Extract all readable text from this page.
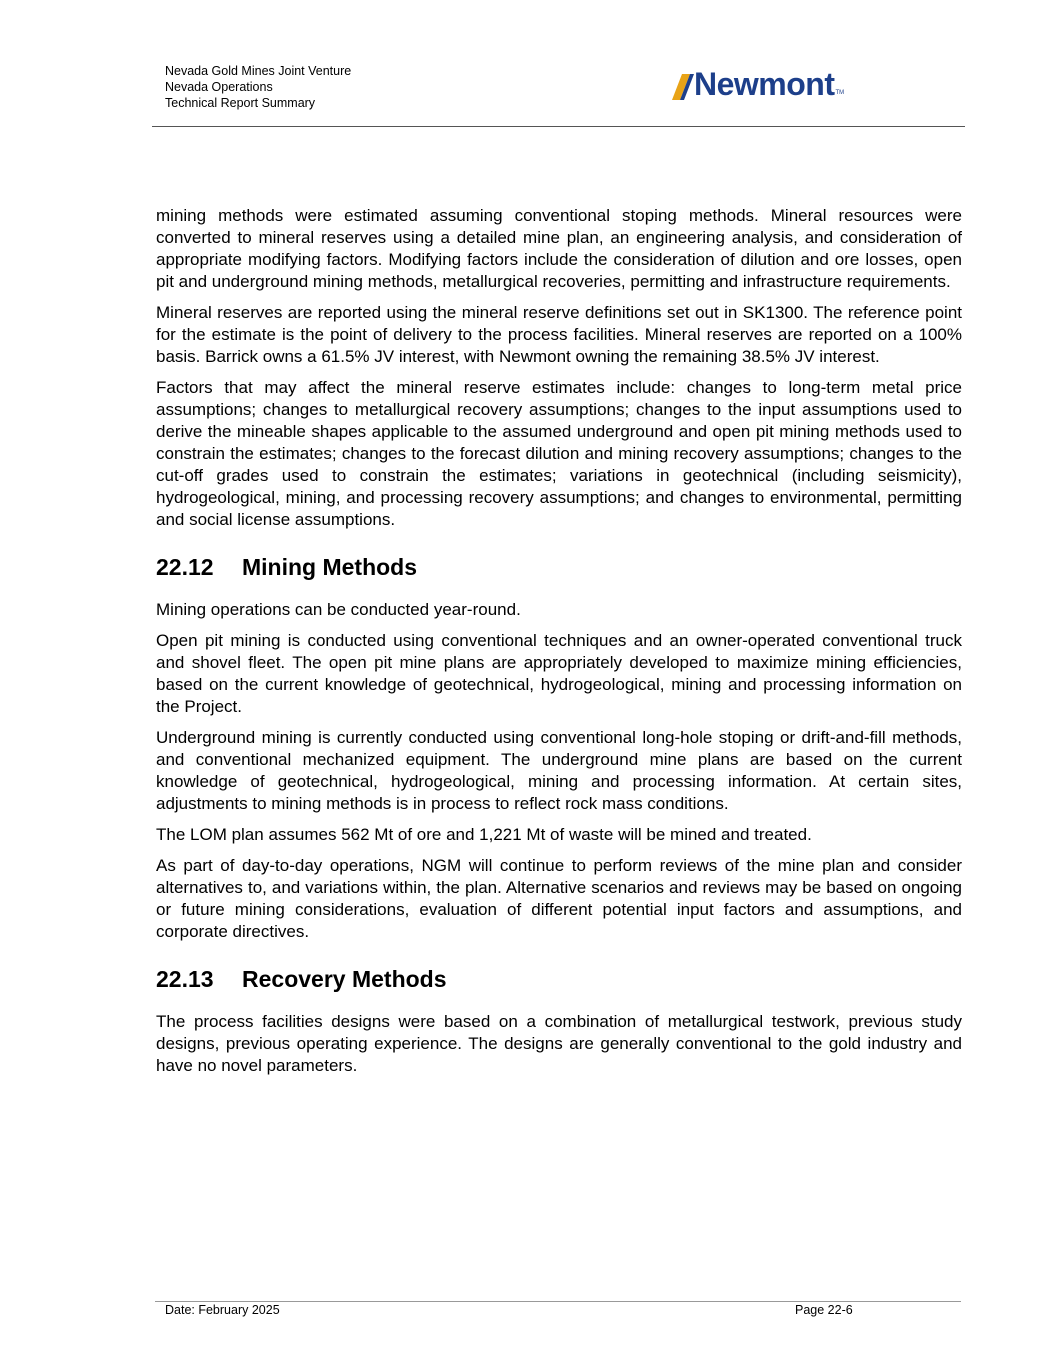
Nevada Gold Mines Joint Venture
Nevada Operations
Technical Report Summary
Newmont TM

mining methods were estimated assuming conventional stoping methods. Mineral resources were converted to mineral reserves using a detailed mine plan, an engineering analysis, and consideration of appropriate modifying factors. Modifying factors include the consideration of dilution and ore losses, open pit and underground mining methods, metallurgical recoveries, permitting and infrastructure requirements.

Mineral reserves are reported using the mineral reserve definitions set out in SK1300. The reference point for the estimate is the point of delivery to the process facilities. Mineral reserves are reported on a 100% basis. Barrick owns a 61.5% JV interest, with Newmont owning the remaining 38.5% JV interest.

Factors that may affect the mineral reserve estimates include: changes to long-term metal price assumptions; changes to metallurgical recovery assumptions; changes to the input assumptions used to derive the mineable shapes applicable to the assumed underground and open pit mining methods used to constrain the estimates; changes to the forecast dilution and mining recovery assumptions; changes to the cut-off grades used to constrain the estimates; variations in geotechnical (including seismicity), hydrogeological, mining, and processing recovery assumptions; and changes to environmental, permitting and social license assumptions.

22.12 Mining Methods

Mining operations can be conducted year-round.

Open pit mining is conducted using conventional techniques and an owner-operated conventional truck and shovel fleet. The open pit mine plans are appropriately developed to maximize mining efficiencies, based on the current knowledge of geotechnical, hydrogeological, mining and processing information on the Project.

Underground mining is currently conducted using conventional long-hole stoping or drift-and-fill methods, and conventional mechanized equipment. The underground mine plans are based on the current knowledge of geotechnical, hydrogeological, mining and processing information. At certain sites, adjustments to mining methods is in process to reflect rock mass conditions.

The LOM plan assumes 562 Mt of ore and 1,221 Mt of waste will be mined and treated.

As part of day-to-day operations, NGM will continue to perform reviews of the mine plan and consider alternatives to, and variations within, the plan. Alternative scenarios and reviews may be based on ongoing or future mining considerations, evaluation of different potential input factors and assumptions, and corporate directives.

22.13 Recovery Methods

The process facilities designs were based on a combination of metallurgical testwork, previous study designs, previous operating experience. The designs are generally conventional to the gold industry and have no novel parameters.

Date: February 2025	Page 22-6
